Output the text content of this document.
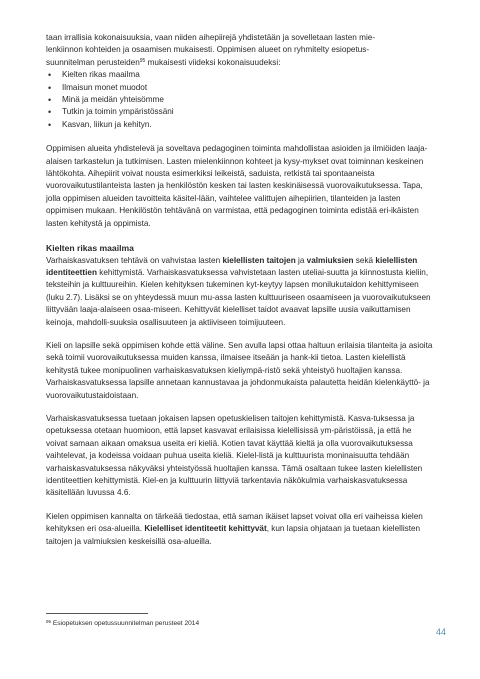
taan irrallisia kokonaisuuksia, vaan niiden aihepiirejä yhdistetään ja sovelletaan lasten mie-
lenkiinnon kohteiden ja osaamisen mukaisesti. Oppimisen alueet on ryhmitelty esiopetus-
suunnitelman perusteiden$^{95}$ mukaisesti viideksi kokonaisuudeksi:

• Kielten rikas maailma
• Ilmaisun monet muodot
• Minä ja meidän yhteisömme
• Tutkin ja toimin ympäristössäni
• Kasvan, liikun ja kehityn.

Oppimisen alueita yhdistelevä ja soveltava pedagoginen toiminta mahdollistaa asioiden ja ilmiöiden laaja-alaisen tarkastelun ja tutkimisen. Lasten mielenkiinnon kohteet ja kysy-mykset ovat toiminnan keskeinen lähtökohta. Aihepiirit voivat nousta esimerkiksi leikeistä, saduista, retkistä tai spontaaneista vuorovaikutustilanteista lasten ja henkilöstön kesken tai lasten keskinäisessä vuorovaikutuksessa. Tapa, jolla oppimisen alueiden tavoitteita käsitel-lään, vaihtelee valittujen aihepiirien, tilanteiden ja lasten oppimisen mukaan. Henkilöstön tehtävänä on varmistaa, että pedagoginen toiminta edistää eri-ikäisten lasten kehitystä ja oppimista.

Kielten rikas maailma

Varhaiskasvatuksen tehtävä on vahvistaa lasten kielellisten taitojen ja valmiuksien sekä kielellisten identiteettien kehittymistä. Varhaiskasvatuksessa vahvistetaan lasten uteliai-suutta ja kiinnostusta kieliin, teksteihin ja kulttuureihin. Kielen kehityksen tukeminen kyt-keytyy lapsen monilukutaidon kehittymiseen (luku 2.7). Lisäksi se on yhteydessä muun mu-assa lasten kulttuuriseen osaamiseen ja vuorovaikutukseen liittyvään laaja-alaiseen osaa-miseen. Kehittyvät kielelliset taidot avaavat lapsille uusia vaikuttamisen keinoja, mahdolli-suuksia osallisuuteen ja aktiiviseen toimijuuteen.

Kieli on lapsille sekä oppimisen kohde että väline. Sen avulla lapsi ottaa haltuun erilaisia tilanteita ja asioita sekä toimii vuorovaikutuksessa muiden kanssa, ilmaisee itseään ja hank-kii tietoa. Lasten kielellistä kehitystä tukee monipuolinen varhaiskasvatuksen kieliympä-ristö sekä yhteistyö huoltajien kanssa. Varhaiskasvatuksessa lapsille annetaan kannustavaa ja johdonmukaista palautetta heidän kielenkäyttö- ja vuorovaikutustaidoistaan.

Varhaiskasvatuksessa tuetaan jokaisen lapsen opetuskielisen taitojen kehittymistä. Kasva-tuksessa ja opetuksessa otetaan huomioon, että lapset kasvavat erilaisissa kielellisissä ym-päristöissä, ja että he voivat samaan aikaan omaksua useita eri kieliä. Kotien tavat käyttää kieltä ja olla vuorovaikutuksessa vaihtelevat, ja kodeissa voidaan puhua useita kieliä. Kielel-listä ja kulttuurista moninaisuutta tehdään varhaiskasvatuksessa näkyväksi yhteistyössä huoltajien kanssa. Tämä osaltaan tukee lasten kielellisten identiteettien kehittymistä. Kiel-en ja kulttuurin liittyviä tarkentavia näkökulmia varhaiskasvatuksessa käsitellään luvussa 4.6.

Kielen oppimisen kannalta on tärkeää tiedostaa, että saman ikäiset lapset voivat olla eri vaiheissa kielen kehityksen eri osa-alueilla. Kielelliset identiteetit kehittyvät, kun lapsia ohjataan ja tuetaan kielellisten taitojen ja valmiuksien keskeisillä osa-alueilla.

$^{95}$ Esiopetuksen opetussuunnitelman perusteet 2014
44
